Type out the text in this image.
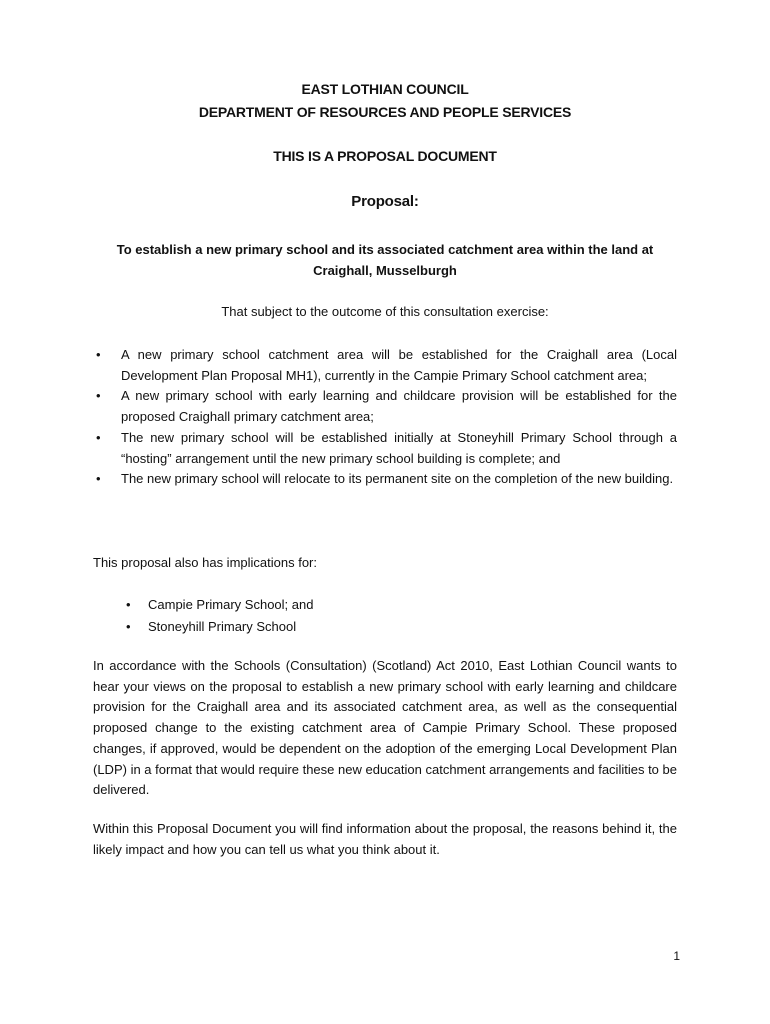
EAST LOTHIAN COUNCIL
DEPARTMENT OF RESOURCES AND PEOPLE SERVICES
THIS IS A PROPOSAL DOCUMENT
Proposal:
To establish a new primary school and its associated catchment area within the land at Craighall, Musselburgh
That subject to the outcome of this consultation exercise:
• A new primary school catchment area will be established for the Craighall area (Local Development Plan Proposal MH1), currently in the Campie Primary School catchment area;
• A new primary school with early learning and childcare provision will be established for the proposed Craighall primary catchment area;
• The new primary school will be established initially at Stoneyhill Primary School through a “hosting” arrangement until the new primary school building is complete; and
• The new primary school will relocate to its permanent site on the completion of the new building.
This proposal also has implications for:
• Campie Primary School; and
• Stoneyhill Primary School
In accordance with the Schools (Consultation) (Scotland) Act 2010, East Lothian Council wants to hear your views on the proposal to establish a new primary school with early learning and childcare provision for the Craighall area and its associated catchment area, as well as the consequential proposed change to the existing catchment area of Campie Primary School. These proposed changes, if approved, would be dependent on the adoption of the emerging Local Development Plan (LDP) in a format that would require these new education catchment arrangements and facilities to be delivered.
Within this Proposal Document you will find information about the proposal, the reasons behind it, the likely impact and how you can tell us what you think about it.
1
